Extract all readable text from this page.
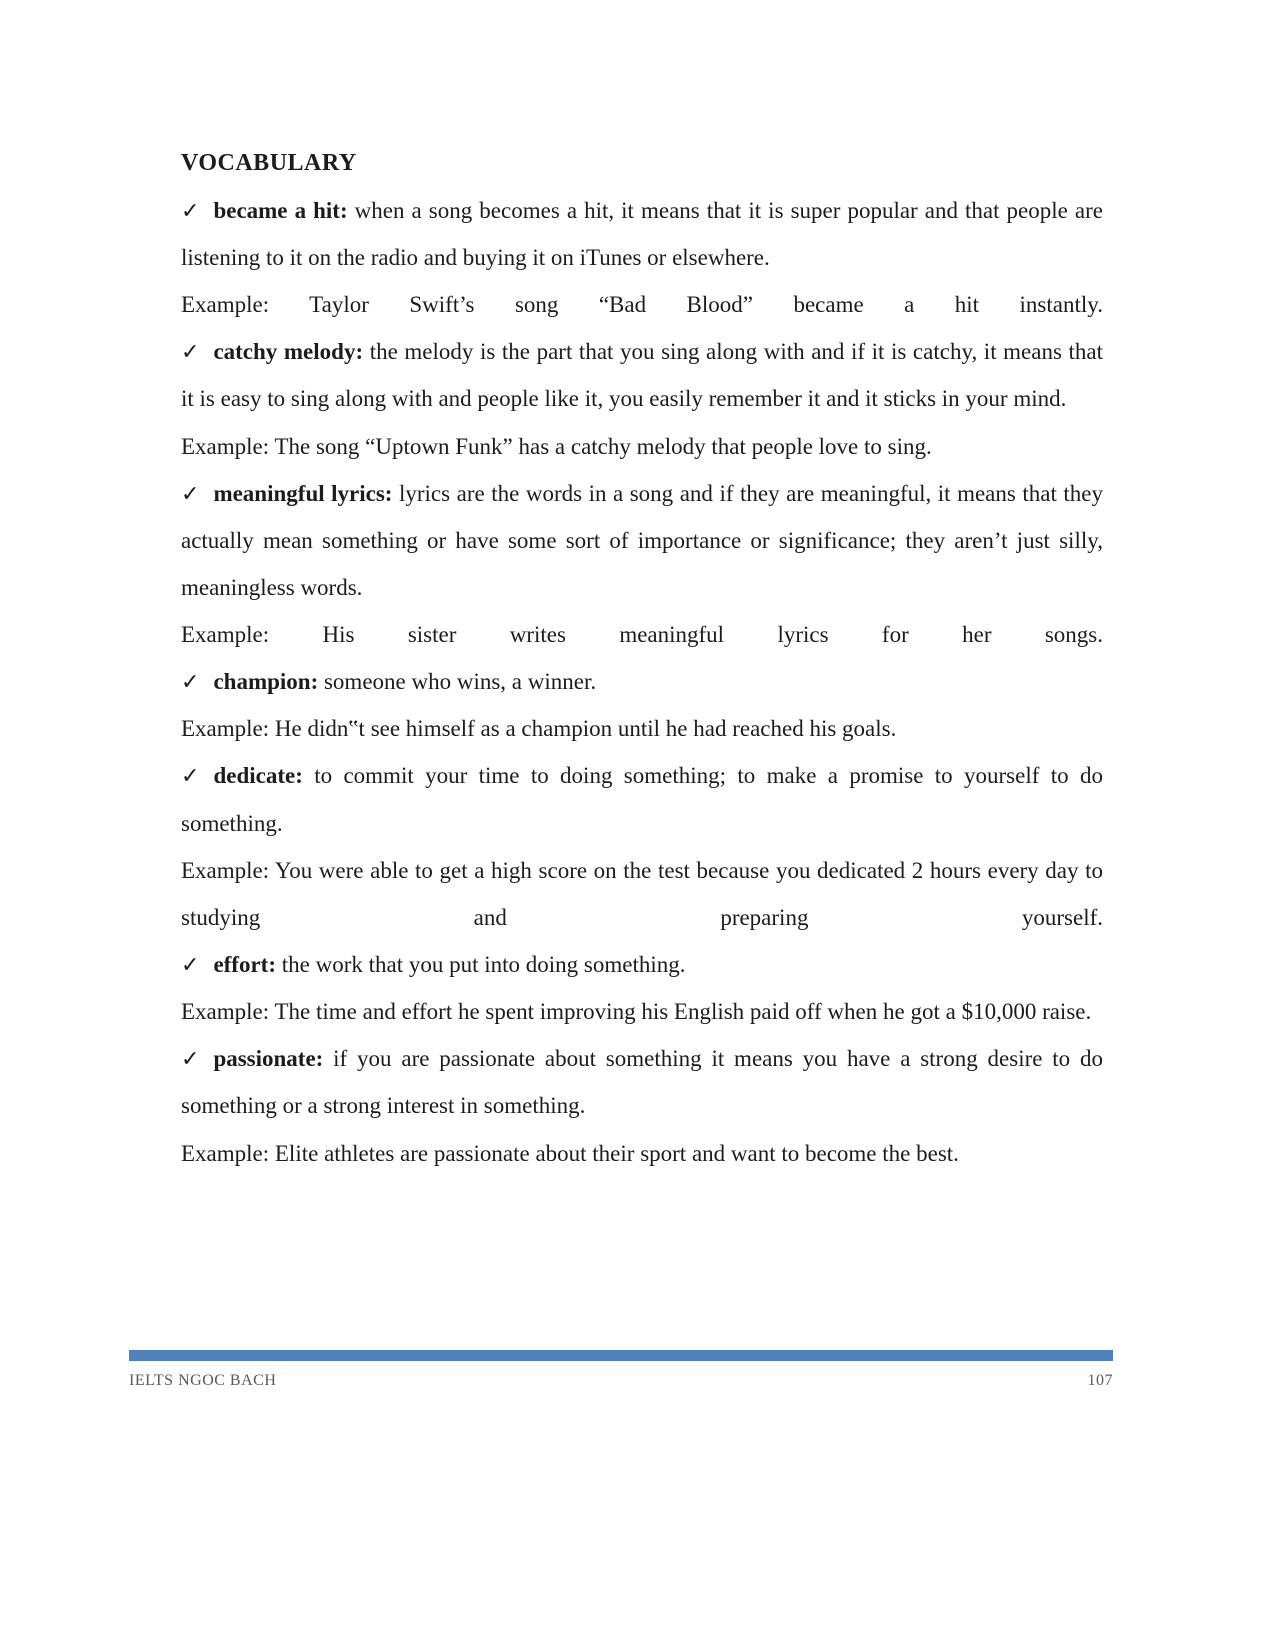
VOCABULARY

✓ became a hit: when a song becomes a hit, it means that it is super popular and that people are listening to it on the radio and buying it on iTunes or elsewhere.

Example: Taylor Swift’s song “Bad Blood” became a hit instantly.

✓ catchy melody: the melody is the part that you sing along with and if it is catchy, it means that it is easy to sing along with and people like it, you easily remember it and it sticks in your mind.

Example: The song “Uptown Funk” has a catchy melody that people love to sing.

✓ meaningful lyrics: lyrics are the words in a song and if they are meaningful, it means that they actually mean something or have some sort of importance or significance; they aren’t just silly, meaningless words.

Example: His sister writes meaningful lyrics for her songs.

✓ champion: someone who wins, a winner.

Example: He didn‟t see himself as a champion until he had reached his goals.

✓ dedicate: to commit your time to doing something; to make a promise to yourself to do something.

Example: You were able to get a high score on the test because you dedicated 2 hours every day to studying and preparing yourself.

✓ effort: the work that you put into doing something.

Example: The time and effort he spent improving his English paid off when he got a $10,000 raise.

✓ passionate: if you are passionate about something it means you have a strong desire to do something or a strong interest in something.

Example: Elite athletes are passionate about their sport and want to become the best.

IELTS NGOC BACH	107
